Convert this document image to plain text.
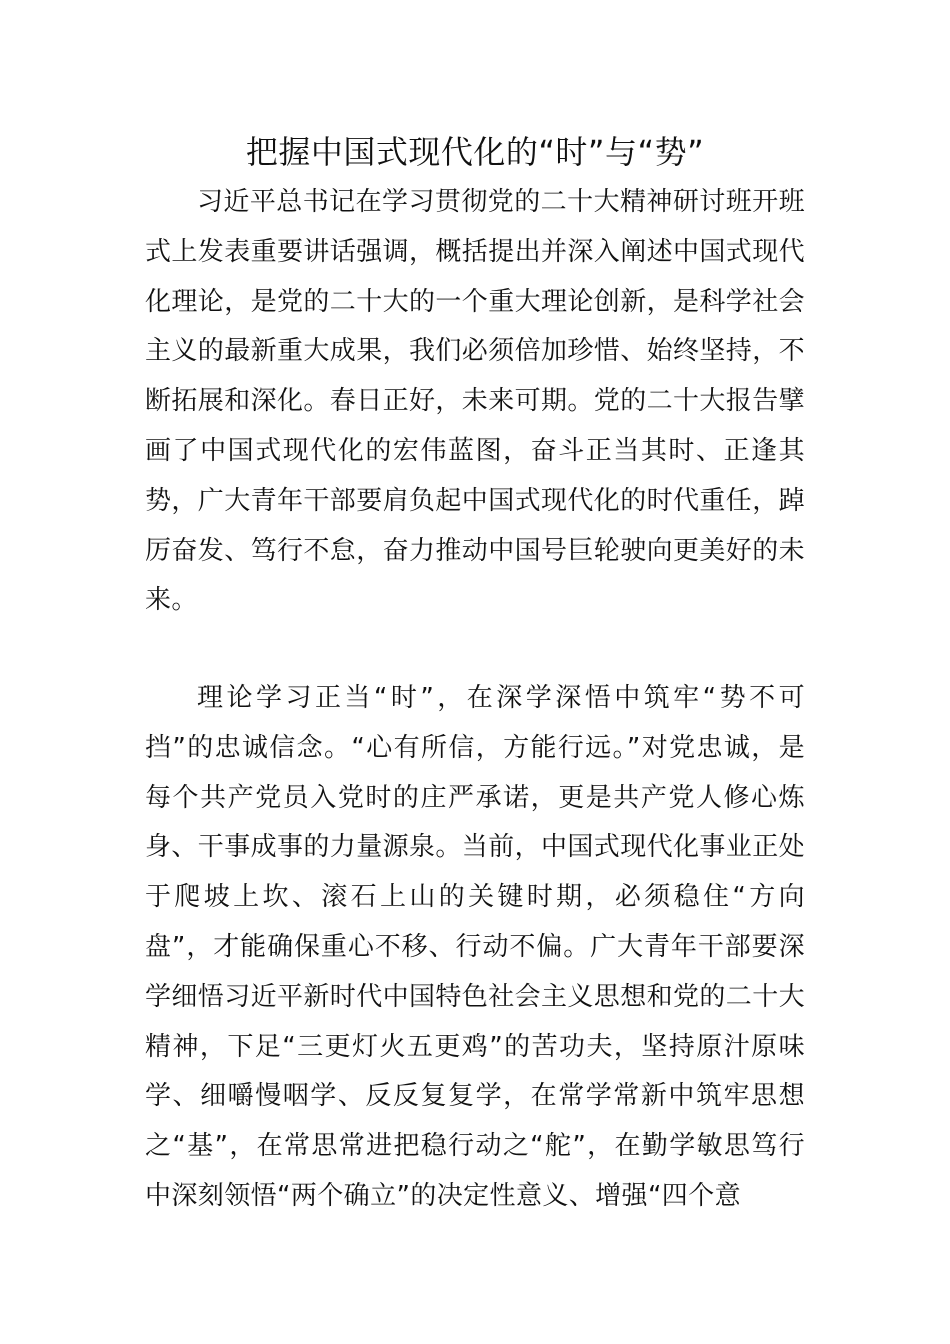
把握中国式现代化的“时”与“势”

习近平总书记在学习贯彻党的二十大精神研讨班开班式上发表重要讲话强调，概括提出并深入阐述中国式现代化理论，是党的二十大的一个重大理论创新，是科学社会主义的最新重大成果，我们必须倍加珍惜、始终坚持，不断拓展和深化。春日正好，未来可期。党的二十大报告擘画了中国式现代化的宏伟蓝图，奋斗正当其时、正逢其势，广大青年干部要肩负起中国式现代化的时代重任，踔厉奋发、笃行不怠，奋力推动中国号巨轮驶向更美好的未来。

理论学习正当“时”，在深学深悟中筑牢“势不可挡”的忠诚信念。“心有所信，方能行远。”对党忠诚，是每个共产党员入党时的庄严承诺，更是共产党人修心炼身、干事成事的力量源泉。当前，中国式现代化事业正处于爬坡上坎、滚石上山的关键时期，必须稳住“方向盘”，才能确保重心不移、行动不偏。广大青年干部要深学细悟习近平新时代中国特色社会主义思想和党的二十大精神，下足“三更灯火五更鸡”的苦功夫，坚持原汁原味学、细嚼慢咽学、反反复复学，在常学常新中筑牢思想之“基”，在常思常进把稳行动之“舵”，在勤学敏思笃行中深刻领悟“两个确立”的决定性意义、增强“四个意
